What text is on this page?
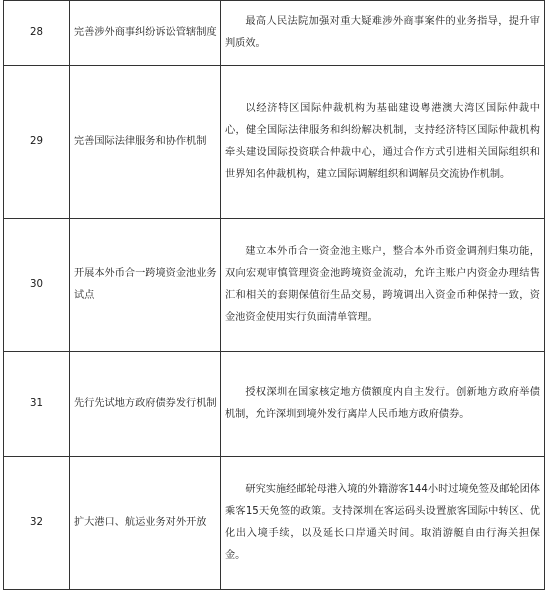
28	完善涉外商事纠纷诉讼管辖制度	最高人民法院加强对重大疑难涉外商事案件的业务指导，提升审判质效。
29	完善国际法律服务和协作机制	以经济特区国际仲裁机构为基础建设粤港澳大湾区国际仲裁中心，健全国际法律服务和纠纷解决机制，支持经济特区国际仲裁机构牵头建设国际投资联合仲裁中心，通过合作方式引进相关国际组织和世界知名仲裁机构，建立国际调解组织和调解员交流协作机制。
30	开展本外币合一跨境资金池业务试点	建立本外币合一资金池主账户，整合本外币资金调剂归集功能，双向宏观审慎管理资金池跨境资金流动，允许主账户内资金办理结售汇和相关的套期保值衍生品交易，跨境调出入资金币种保持一致，资金池资金使用实行负面清单管理。
31	先行先试地方政府债券发行机制	授权深圳在国家核定地方债额度内自主发行。创新地方政府举债机制，允许深圳到境外发行离岸人民币地方政府债券。
32	扩大港口、航运业务对外开放	研究实施经邮轮母港入境的外籍游客144小时过境免签及邮轮团体乘客15天免签的政策。支持深圳在客运码头设置旅客国际中转区、优化出入境手续，以及延长口岸通关时间。取消游艇自由行海关担保金。
